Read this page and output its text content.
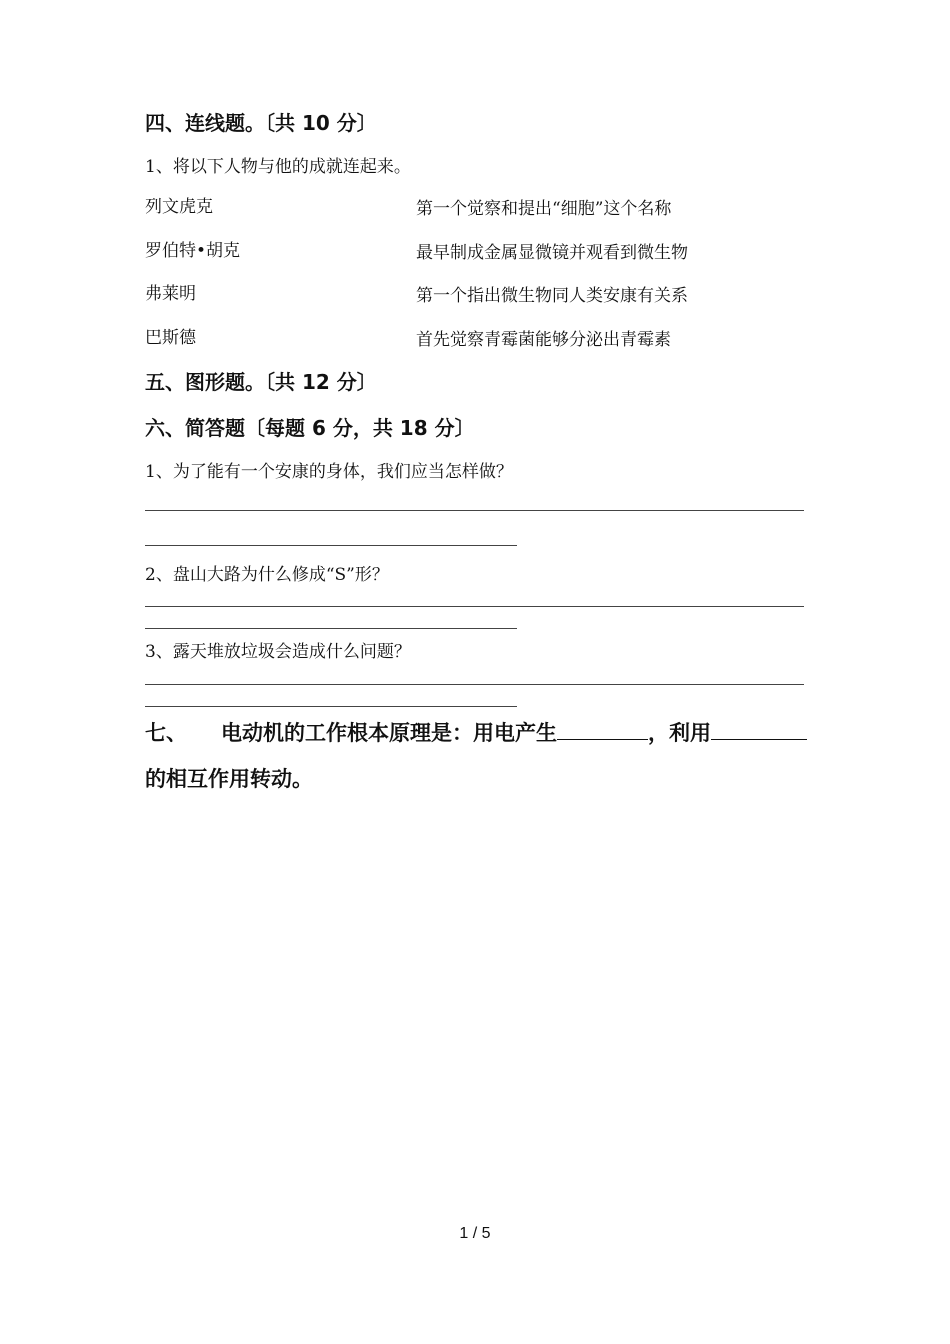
四、连线题。〔共 10 分〕
1、将以下人物与他的成就连起来。
列文虎克	第一个觉察和提出“细胞”这个名称
罗伯特•胡克	最早制成金属显微镜并观看到微生物
弗莱明	第一个指出微生物同人类安康有关系
巴斯德	首先觉察青霉菌能够分泌出青霉素
五、图形题。〔共 12 分〕
六、简答题〔每题 6 分，共 18 分〕
1、为了能有一个安康的身体，我们应当怎样做？
2、盘山大路为什么修成“S”形？
3、露天堆放垃圾会造成什么问题？
七、 电动机的工作根本原理是：用电产生	，利用
的相互作用转动。
1 / 5
